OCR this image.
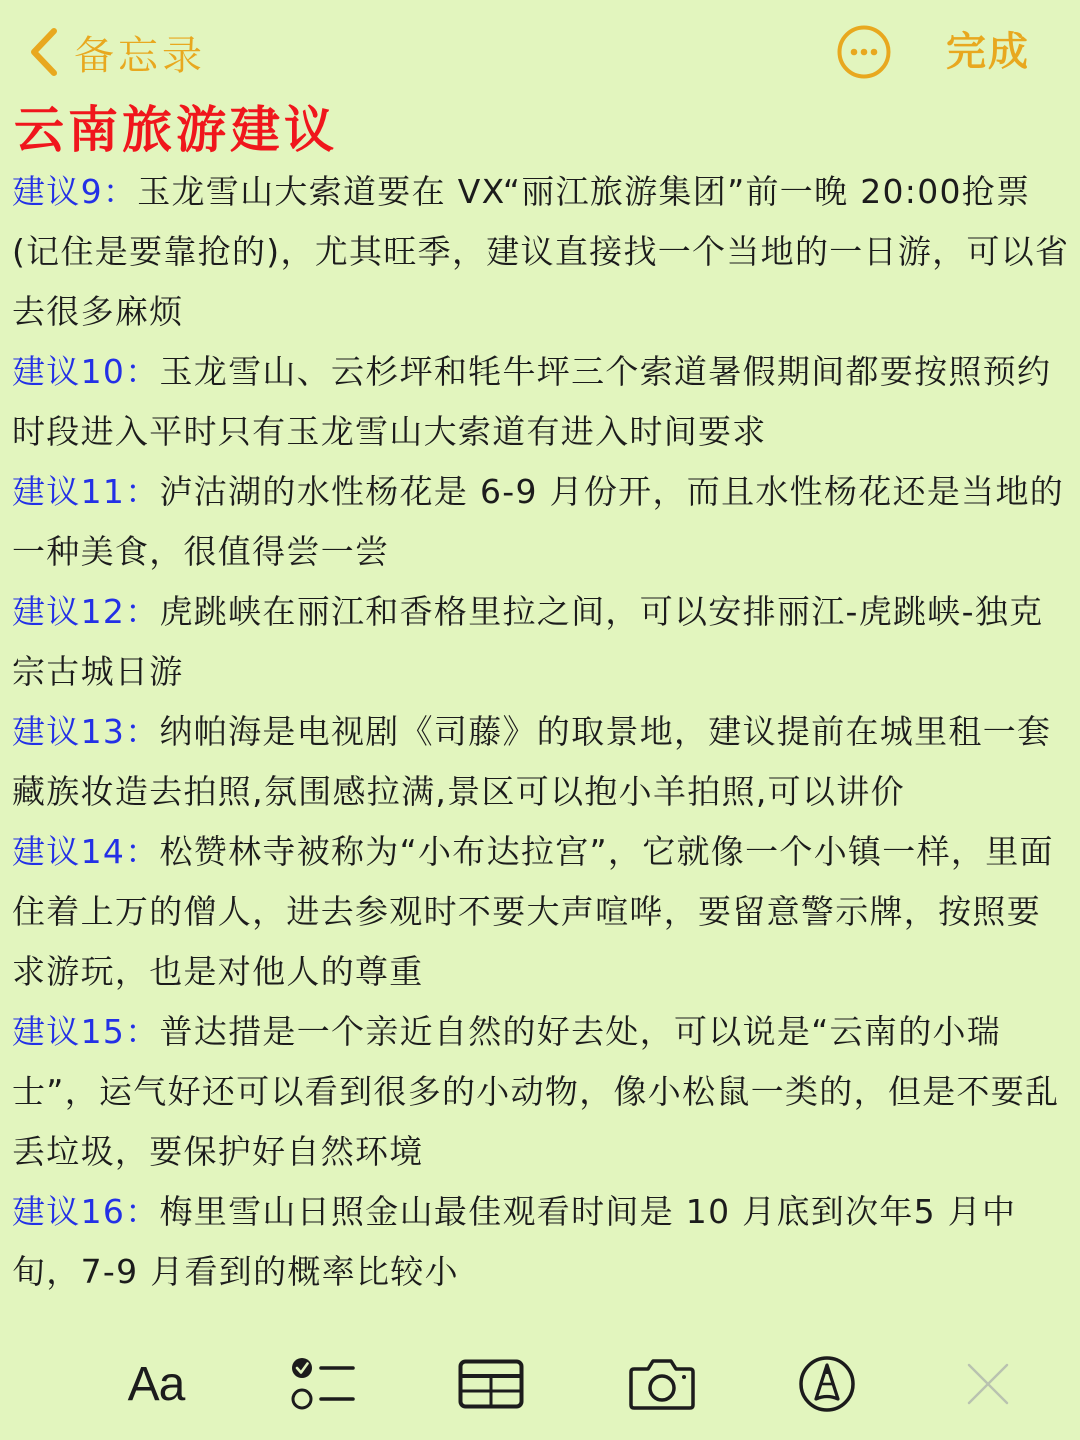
备忘录	完成
云南旅游建议

建议9：玉龙雪山大索道要在 VX“丽江旅游集团”前一晚 20:00抢票(记住是要靠抢的)，尤其旺季，建议直接找一个当地的一日游，可以省去很多麻烦

建议10：玉龙雪山、云杉坪和牦牛坪三个索道暑假期间都要按照预约时段进入平时只有玉龙雪山大索道有进入时间要求

建议11：泸沽湖的水性杨花是 6-9 月份开，而且水性杨花还是当地的一种美食，很值得尝一尝

建议12：虎跳峡在丽江和香格里拉之间，可以安排丽江-虎跳峡-独克宗古城日游

建议13：纳帕海是电视剧《司藤》的取景地，建议提前在城里租一套藏族妆造去拍照,氛围感拉满,景区可以抱小羊拍照,可以讲价

建议14：松赞林寺被称为“小布达拉宫”，它就像一个小镇一样，里面住着上万的僧人，进去参观时不要大声喧哗，要留意警示牌，按照要求游玩，也是对他人的尊重

建议15：普达措是一个亲近自然的好去处，可以说是“云南的小瑞士”，运气好还可以看到很多的小动物，像小松鼠一类的，但是不要乱丢垃圾，要保护好自然环境

建议16：梅里雪山日照金山最佳观看时间是 10 月底到次年5 月中旬，7-9 月看到的概率比较小

Aa
